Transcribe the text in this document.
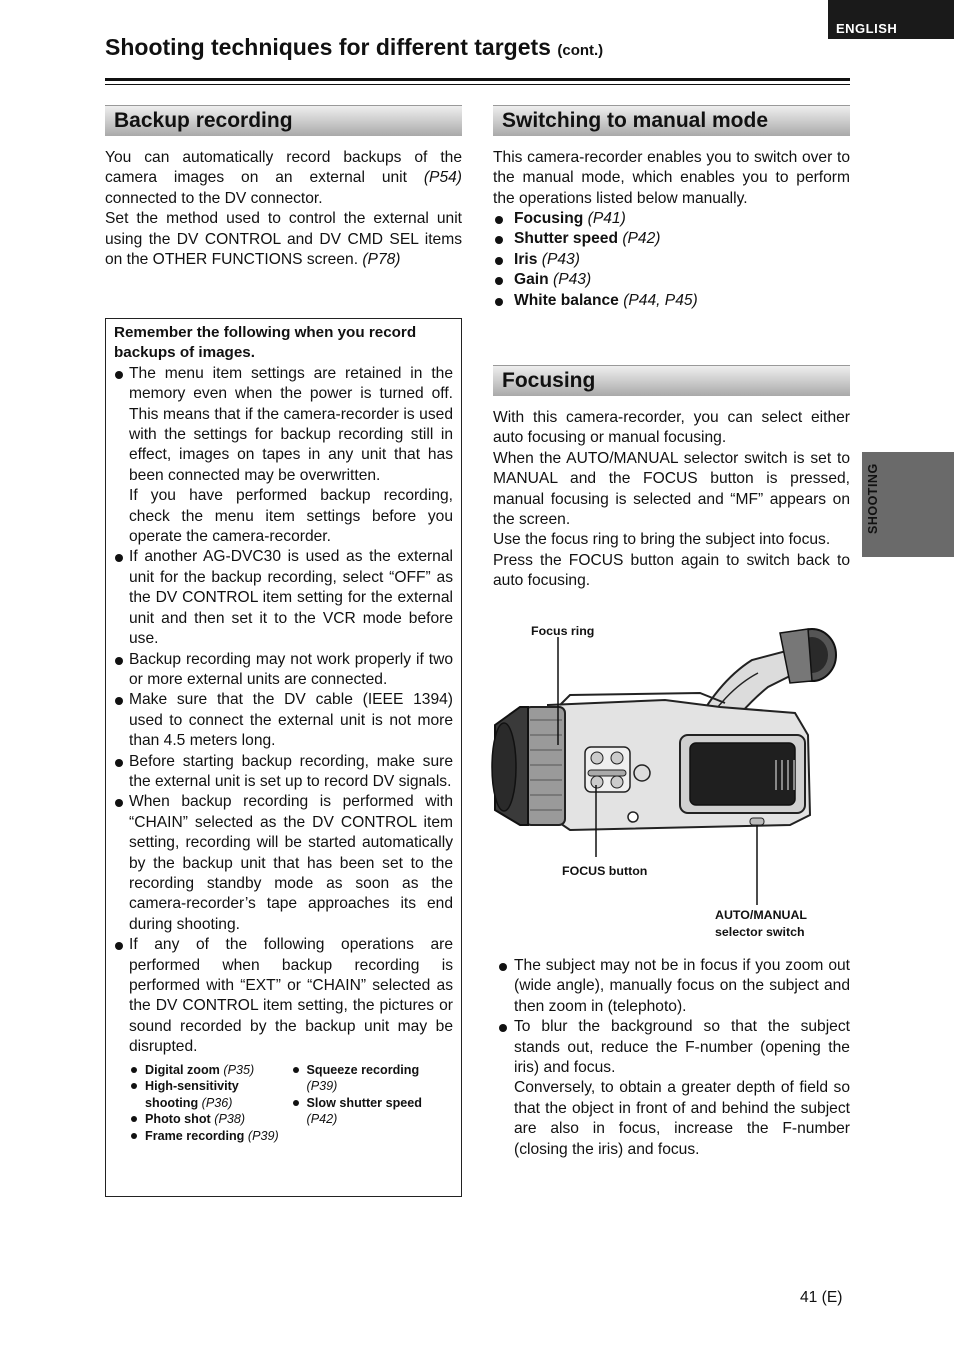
ENGLISH
Shooting techniques for different targets (cont.)
Backup recording

You can automatically record backups of the camera images on an external unit (P54) connected to the DV connector.

Set the method used to control the external unit using the DV CONTROL and DV CMD SEL items on the OTHER FUNCTIONS screen. (P78)

Remember the following when you record backups of images.

The menu item settings are retained in the memory even when the power is turned off. This means that if the camera-recorder is used with the settings for backup recording still in effect, images on tapes in any unit that has been connected may be overwritten.

If you have performed backup recording, check the menu item settings before you operate the camera-recorder.

If another AG-DVC30 is used as the external unit for the backup recording, select “OFF” as the DV CONTROL item setting for the external unit and then set it to the VCR mode before use.

Backup recording may not work properly if two or more external units are connected.

Make sure that the DV cable (IEEE 1394) used to connect the external unit is not more than 4.5 meters long.

Before starting backup recording, make sure the external unit is set up to record DV signals.

When backup recording is performed with “CHAIN” selected as the DV CONTROL item setting, recording will be started automatically by the backup unit that has been set to the recording standby mode as soon as the camera-recorder’s tape approaches its end during shooting.

If any of the following operations are performed when backup recording is performed with “EXT” or “CHAIN” selected as the DV CONTROL item setting, the pictures or sound recorded by the backup unit may be disrupted.

Digital zoom (P35)
High-sensitivity shooting (P36)
Photo shot (P38)
Frame recording (P39)
Squeeze recording
(P39)
Slow shutter speed
(P42)
Switching to manual mode

This camera-recorder enables you to switch over to the manual mode, which enables you to perform the operations listed below manually.

Focusing (P41)
Shutter speed (P42)
Iris (P43)
Gain (P43)
White balance (P44, P45)
Focusing

With this camera-recorder, you can select either auto focusing or manual focusing.

When the AUTO/MANUAL selector switch is set to MANUAL and the FOCUS button is pressed, manual focusing is selected and “MF” appears on the screen.

Use the focus ring to bring the subject into focus.

Press the FOCUS button again to switch back to auto focusing.

Focus ring
FOCUS button
AUTO/MANUAL
selector switch

The subject may not be in focus if you zoom out (wide angle), manually focus on the subject and then zoom in (telephoto).

To blur the background so that the subject stands out, reduce the F-number (opening the iris) and focus.

Conversely, to obtain a greater depth of field so that the object in front of and behind the subject are also in focus, increase the F-number (closing the iris) and focus.

SHOOTING
41 (E)
